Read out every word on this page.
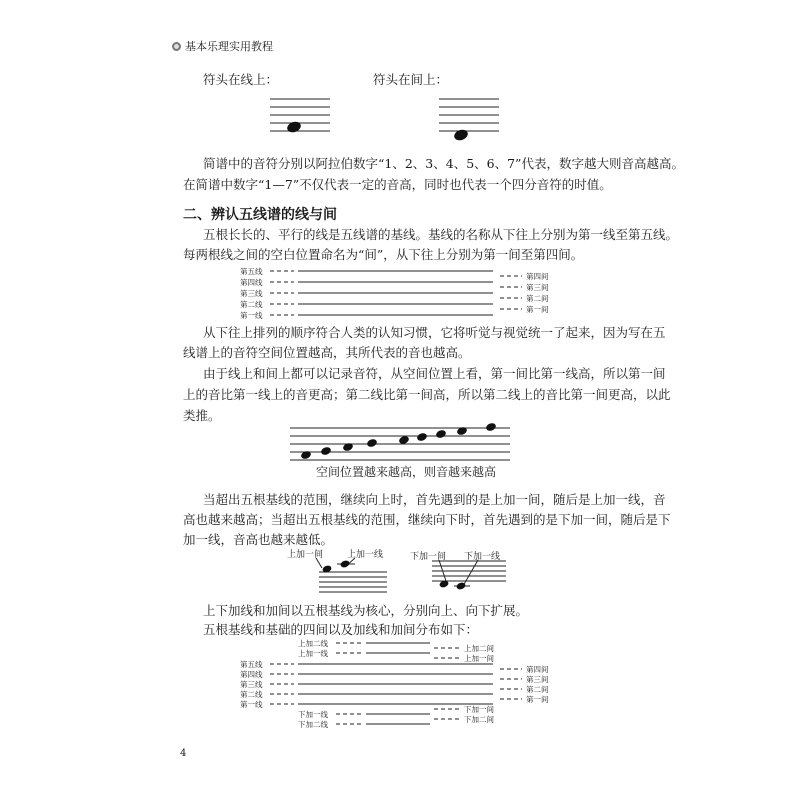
基本乐理实用教程
符头在线上：	符头在间上：
简谱中的音符分别以阿拉伯数字“1、2、3、4、5、6、7”代表，数字越大则音高越高。
在简谱中数字“1—7”不仅代表一定的音高，同时也代表一个四分音符的时值。
二、辨认五线谱的线与间
五根长长的、平行的线是五线谱的基线。基线的名称从下往上分别为第一线至第五线。
每两根线之间的空白位置命名为“间”，从下往上分别为第一间至第四间。
第五线
第四线
第三线
第二线
第一线
第四间
第三间
第二间
第一间
从下往上排列的顺序符合人类的认知习惯，它将听觉与视觉统一了起来，因为写在五
线谱上的音符空间位置越高，其所代表的音也越高。
由于线上和间上都可以记录音符，从空间位置上看，第一间比第一线高，所以第一间
上的音比第一线上的音更高；第二线比第一间高，所以第二线上的音比第一间更高，以此
类推。
空间位置越来越高，则音越来越高
当超出五根基线的范围，继续向上时，首先遇到的是上加一间，随后是上加一线，音
高也越来越高；当超出五根基线的范围，继续向下时，首先遇到的是下加一间，随后是下
加一线，音高也越来越低。
上加一间	上加一线	下加一间 下加一线
上下加线和加间以五根基线为核心，分别向上、向下扩展。
五根基线和基础的四间以及加线和加间分布如下：
上加二线
上加一线
上加二间
上加一间
第五线
第四线
第三线
第二线
第一线
第四间
第三间
第二间
第一间
下加一线
下加二线
下加一间
下加二间
4
